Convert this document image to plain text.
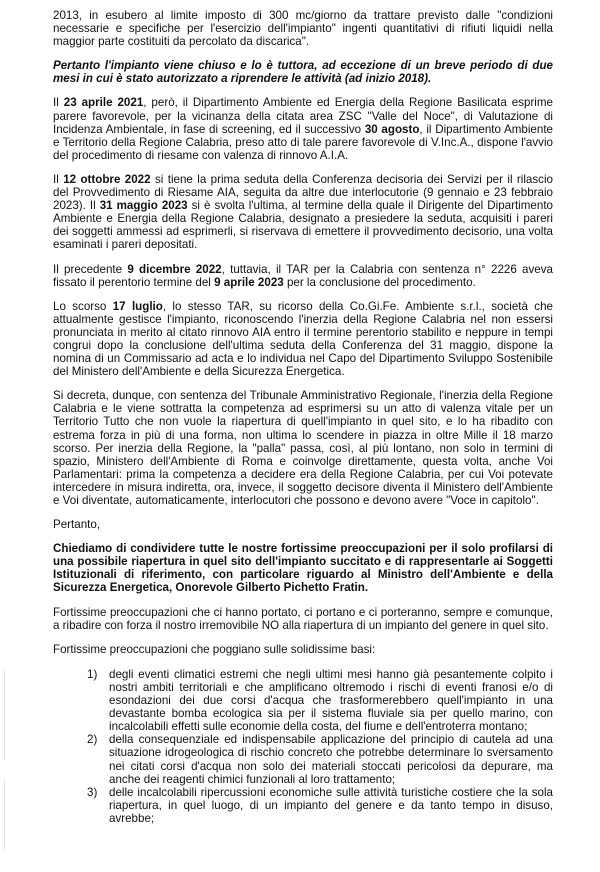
2013, in esubero al limite imposto di 300 mc/giorno da trattare previsto dalle "condizioni necessarie e specifiche per l'esercizio dell'impianto" ingenti quantitativi di rifiuti liquidi nella maggior parte costituiti da percolato da discarica".

Pertanto l'impianto viene chiuso e lo è tuttora, ad eccezione di un breve periodo di due mesi in cui è stato autorizzato a riprendere le attività (ad inizio 2018).

Il 23 aprile 2021, però, il Dipartimento Ambiente ed Energia della Regione Basilicata esprime parere favorevole, per la vicinanza della citata area ZSC "Valle del Noce", di Valutazione di Incidenza Ambientale, in fase di screening, ed il successivo 30 agosto, il Dipartimento Ambiente e Territorio della Regione Calabria, preso atto di tale parere favorevole di V.Inc.A., dispone l'avvio del procedimento di riesame con valenza di rinnovo A.I.A.

Il 12 ottobre 2022 si tiene la prima seduta della Conferenza decisoria dei Servizi per il rilascio del Provvedimento di Riesame AIA, seguita da altre due interlocutorie (9 gennaio e 23 febbraio 2023). Il 31 maggio 2023 si è svolta l'ultima, al termine della quale il Dirigente del Dipartimento Ambiente e Energia della Regione Calabria, designato a presiedere la seduta, acquisiti i pareri dei soggetti ammessi ad esprimerli, si riservava di emettere il provvedimento decisorio, una volta esaminati i pareri depositati.

Il precedente 9 dicembre 2022, tuttavia, il TAR per la Calabria con sentenza n° 2226 aveva fissato il perentorio termine del 9 aprile 2023 per la conclusione del procedimento.

Lo scorso 17 luglio, lo stesso TAR, su ricorso della Co.Gi.Fe. Ambiente s.r.l., società che attualmente gestisce l'impianto, riconoscendo l'inerzia della Regione Calabria nel non essersi pronunciata in merito al citato rinnovo AIA entro il termine perentorio stabilito e neppure in tempi congrui dopo la conclusione dell'ultima seduta della Conferenza del 31 maggio, dispone la nomina di un Commissario ad acta e lo individua nel Capo del Dipartimento Sviluppo Sostenibile del Ministero dell'Ambiente e della Sicurezza Energetica.

Si decreta, dunque, con sentenza del Tribunale Amministrativo Regionale, l'inerzia della Regione Calabria e le viene sottratta la competenza ad esprimersi su un atto di valenza vitale per un Territorio Tutto che non vuole la riapertura di quell'impianto in quel sito, e lo ha ribadito con estrema forza in più di una forma, non ultima lo scendere in piazza in oltre Mille il 18 marzo scorso. Per inerzia della Regione, la "palla" passa, così, al più lontano, non solo in termini di spazio, Ministero dell'Ambiente di Roma e coinvolge direttamente, questa volta, anche Voi Parlamentari: prima la competenza a decidere era della Regione Calabria, per cui Voi potevate intercedere in misura indiretta, ora, invece, il soggetto decisore diventa il Ministero dell'Ambiente e Voi diventate, automaticamente, interlocutori che possono e devono avere "Voce in capitolo".

Pertanto,

Chiediamo di condividere tutte le nostre fortissime preoccupazioni per il solo profilarsi di una possibile riapertura in quel sito dell'impianto succitato e di rappresentarle ai Soggetti Istituzionali di riferimento, con particolare riguardo al Ministro dell'Ambiente e della Sicurezza Energetica, Onorevole Gilberto Pichetto Fratin.

Fortissime preoccupazioni che ci hanno portato, ci portano e ci porteranno, sempre e comunque, a ribadire con forza il nostro irremovibile NO alla riapertura di un impianto del genere in quel sito.

Fortissime preoccupazioni che poggiano sulle solidissime basi:

1) degli eventi climatici estremi che negli ultimi mesi hanno già pesantemente colpito i nostri ambiti territoriali e che amplificano oltremodo i rischi di eventi franosi e/o di esondazioni dei due corsi d'acqua che trasformerebbero quell'impianto in una devastante bomba ecologica sia per il sistema fluviale sia per quello marino, con incalcolabili effetti sulle economie della costa, del fiume e dell'entroterra montano;
2) della consequenziale ed indispensabile applicazione del principio di cautela ad una situazione idrogeologica di rischio concreto che potrebbe determinare lo sversamento nei citati corsi d'acqua non solo dei materiali stoccati pericolosi da depurare, ma anche dei reagenti chimici funzionali al loro trattamento;
3) delle incalcolabili ripercussioni economiche sulle attività turistiche costiere che la sola riapertura, in quel luogo, di un impianto del genere e da tanto tempo in disuso, avrebbe;
